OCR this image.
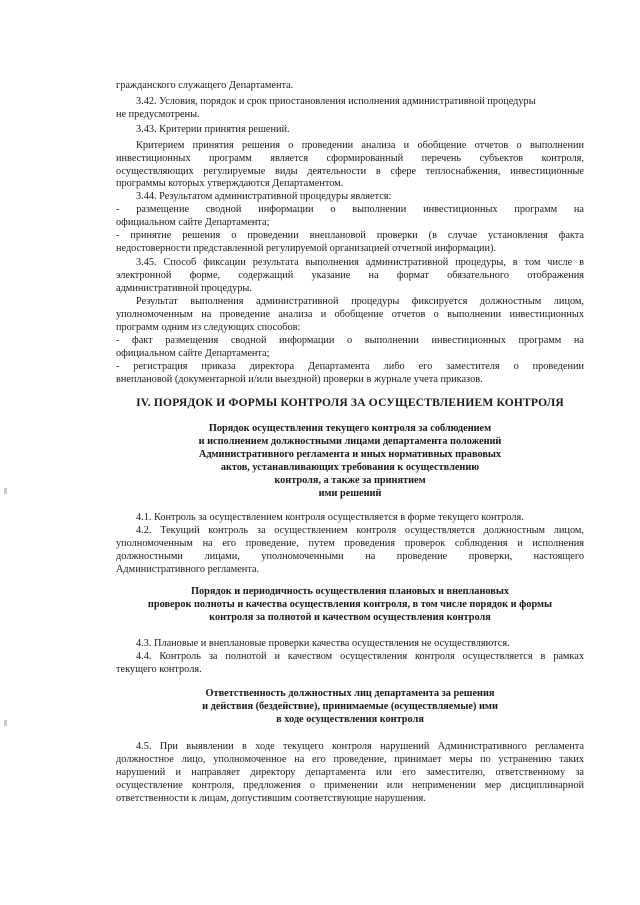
гражданского служащего Департамента.

3.42. Условия, порядок и срок приостановления исполнения административной процедуры

не предусмотрены.

3.43. Критерии принятия решений.

Критерием принятия решения о проведении анализа и обобщение отчетов о выполнении

инвестиционных программ является сформированный перечень субъектов контроля,

осуществляющих регулируемые виды деятельности в сфере теплоснабжения, инвестиционные

программы которых утверждаются Департаментом.

3.44. Результатом административной процедуры является:

- размещение сводной информации о выполнении инвестиционных программ на

официальном сайте Департамента;

- принятие решения о проведении внеплановой проверки (в случае установления факта

недостоверности представленной регулируемой организацией отчетной информации).

3.45. Способ фиксации результата выполнения административной процедуры, в том числе в

электронной форме, содержащий указание на формат обязательного отображения

административной процедуры.

Результат выполнения административной процедуры фиксируется должностным лицом,

уполномоченным на проведение анализа и обобщение отчетов о выполнении инвестиционных

программ одним из следующих способов:

- факт размещения сводной информации о выполнении инвестиционных программ на

официальном сайте Департамента;

- регистрация приказа директора Департамента либо его заместителя о проведении

внеплановой (документарной и/или выездной) проверки в журнале учета приказов.

IV. ПОРЯДОК И ФОРМЫ КОНТРОЛЯ ЗА ОСУЩЕСТВЛЕНИЕМ КОНТРОЛЯ

Порядок осуществления текущего контроля за соблюдением

и исполнением должностными лицами департамента положений

Административного регламента и иных нормативных правовых

актов, устанавливающих требования к осуществлению

контроля, а также за принятием

ими решений

4.1. Контроль за осуществлением контроля осуществляется в форме текущего контроля.

4.2. Текущий контроль за осуществлением контроля осуществляется должностным лицом,

уполномоченным на его проведение, путем проведения проверок соблюдения и исполнения

должностными лицами, уполномоченными на проведение проверки, настоящего

Административного регламента.

Порядок и периодичность осуществления плановых и внеплановых

проверок полноты и качества осуществления контроля, в том числе порядок и формы

контроля за полнотой и качеством осуществления контроля

4.3. Плановые и внеплановые проверки качества осуществления не осуществляются.

4.4. Контроль за полнотой и качеством осуществления контроля осуществляется в рамках

текущего контроля.

Ответственность должностных лиц департамента за решения

и действия (бездействие), принимаемые (осуществляемые) ими

в ходе осуществления контроля

4.5. При выявлении в ходе текущего контроля нарушений Административного регламента

должностное лицо, уполномоченное на его проведение, принимает меры по устранению таких

нарушений и направляет директору департамента или его заместителю, ответственному за

осуществление контроля, предложения о применении или неприменении мер дисциплинарной

ответственности к лицам, допустившим соответствующие нарушения.
